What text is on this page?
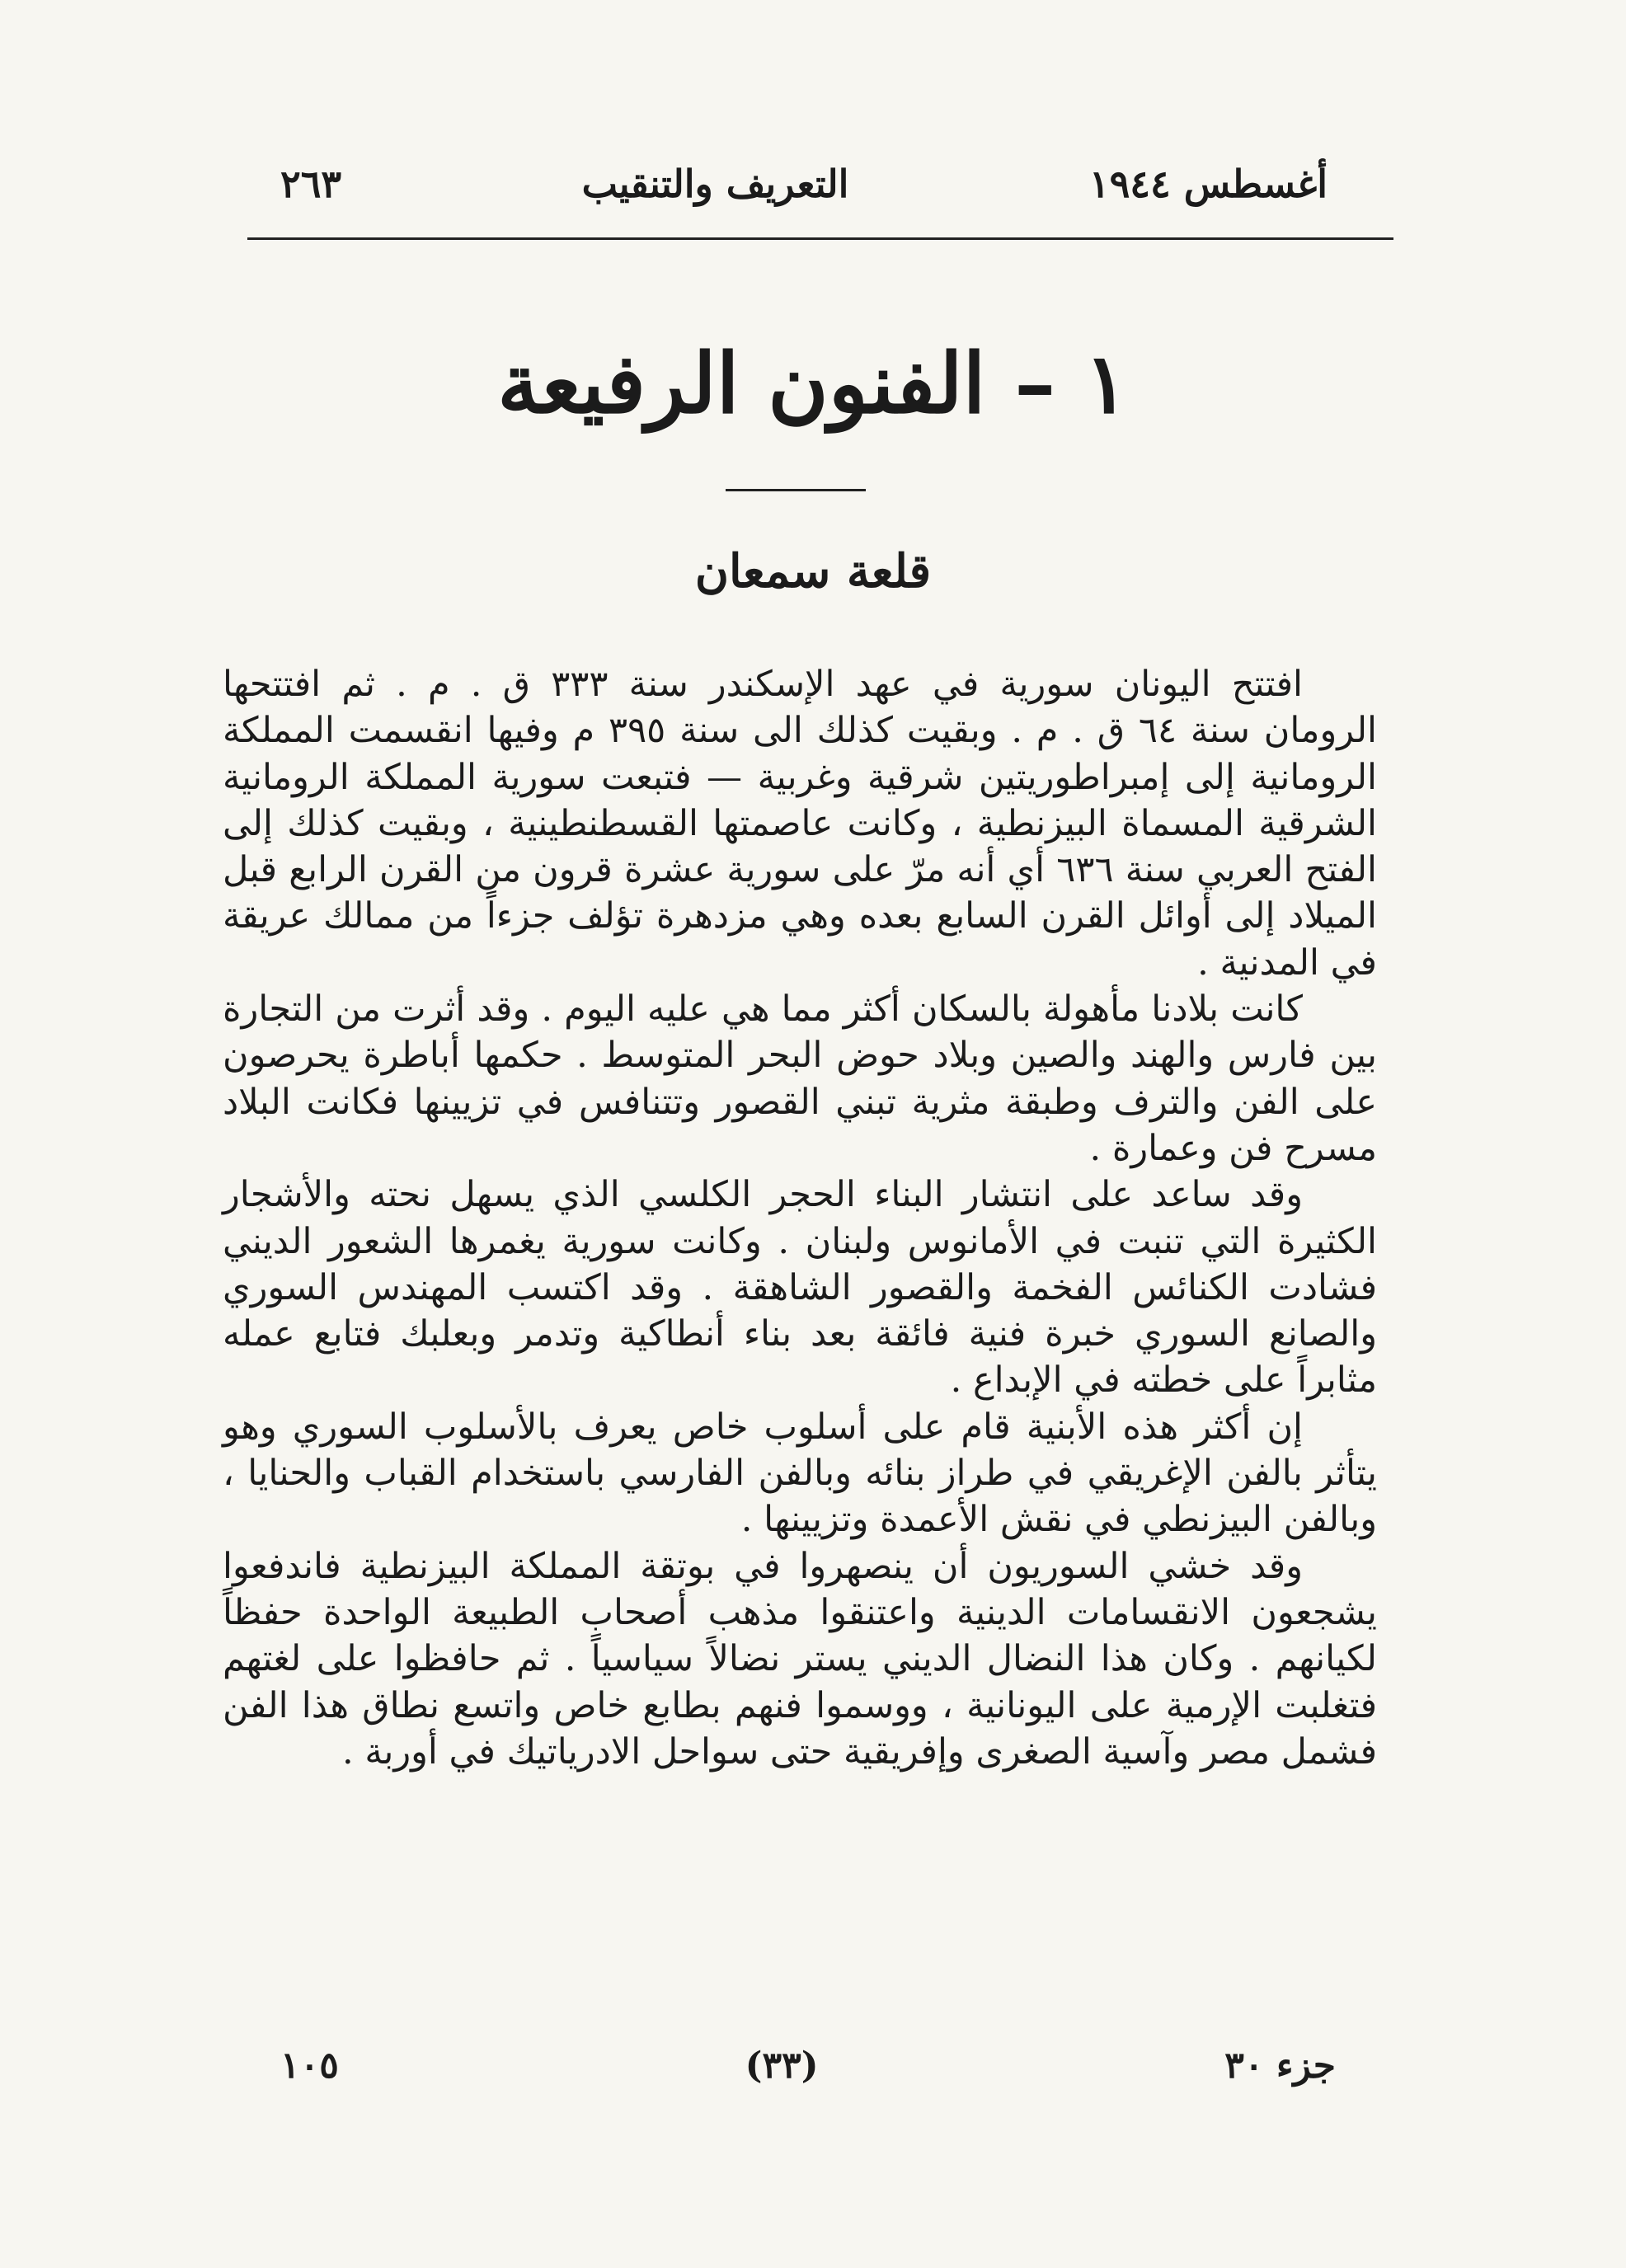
أغسطس ١٩٤٤
التعريف والتنقيب
٢٦٣
١ – الفنون الرفيعة
قلعة سمعان

افتتح اليونان سورية في عهد الإسكندر سنة ٣٣٣ ق . م . ثم افتتحها الرومان سنة ٦٤ ق . م . وبقيت كذلك الى سنة ٣٩٥ م وفيها انقسمت المملكة الرومانية إلى إمبراطوريتين شرقية وغربية — فتبعت سورية المملكة الرومانية الشرقية المسماة البيزنطية ، وكانت عاصمتها القسطنطينية ، وبقيت كذلك إلى الفتح العربي سنة ٦٣٦ أي أنه مرّ على سورية عشرة قرون من القرن الرابع قبل الميلاد إلى أوائل القرن السابع بعده وهي مزدهرة تؤلف جزءاً من ممالك عريقة في المدنية .

كانت بلادنا مأهولة بالسكان أكثر مما هي عليه اليوم . وقد أثرت من التجارة بين فارس والهند والصين وبلاد حوض البحر المتوسط . حكمها أباطرة يحرصون على الفن والترف وطبقة مثرية تبني القصور وتتنافس في تزيينها فكانت البلاد مسرح فن وعمارة .

وقد ساعد على انتشار البناء الحجر الكلسي الذي يسهل نحته والأشجار الكثيرة التي تنبت في الأمانوس ولبنان . وكانت سورية يغمرها الشعور الديني فشادت الكنائس الفخمة والقصور الشاهقة . وقد اكتسب المهندس السوري والصانع السوري خبرة فنية فائقة بعد بناء أنطاكية وتدمر وبعلبك فتابع عمله مثابراً على خطته في الإبداع .

إن أكثر هذه الأبنية قام على أسلوب خاص يعرف بالأسلوب السوري وهو يتأثر بالفن الإغريقي في طراز بنائه وبالفن الفارسي باستخدام القباب والحنايا ، وبالفن البيزنطي في نقش الأعمدة وتزيينها .

وقد خشي السوريون أن ينصهروا في بوتقة المملكة البيزنطية فاندفعوا يشجعون الانقسامات الدينية واعتنقوا مذهب أصحاب الطبيعة الواحدة حفظاً لكيانهم . وكان هذا النضال الديني يستر نضالاً سياسياً . ثم حافظوا على لغتهم فتغلبت الإرمية على اليونانية ، ووسموا فنهم بطابع خاص واتسع نطاق هذا الفن فشمل مصر وآسية الصغرى وإفريقية حتى سواحل الادرياتيك في أوربة .

جزء ٣٠
(٣٣)
١٠٥
